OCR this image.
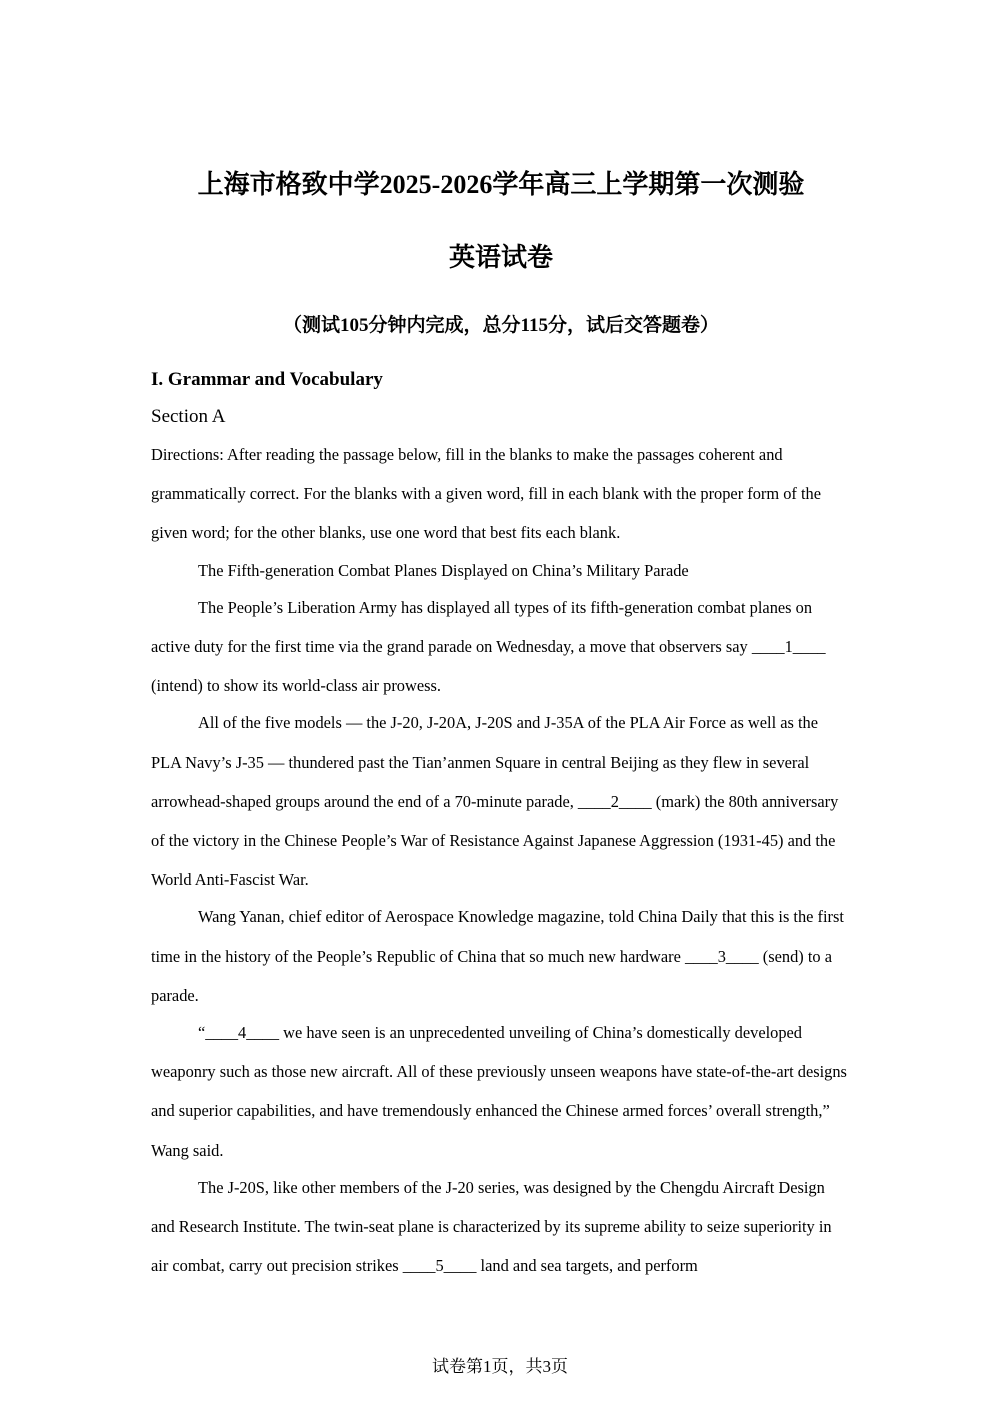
上海市格致中学2025-2026学年高三上学期第一次测验
英语试卷

（测试105分钟内完成，总分115分，试后交答题卷）

I. Grammar and Vocabulary

Section A

Directions: After reading the passage below, fill in the blanks to make the passages coherent and grammatically correct. For the blanks with a given word, fill in each blank with the proper form of the given word; for the other blanks, use one word that best fits each blank.

The Fifth-generation Combat Planes Displayed on China’s Military Parade

The People’s Liberation Army has displayed all types of its fifth-generation combat planes on active duty for the first time via the grand parade on Wednesday, a move that observers say ____1____ (intend) to show its world-class air prowess.

All of the five models — the J-20, J-20A, J-20S and J-35A of the PLA Air Force as well as the PLA Navy’s J-35 — thundered past the Tian’anmen Square in central Beijing as they flew in several arrowhead-shaped groups around the end of a 70-minute parade, ____2____ (mark) the 80th anniversary of the victory in the Chinese People’s War of Resistance Against Japanese Aggression (1931-45) and the World Anti-Fascist War.

Wang Yanan, chief editor of Aerospace Knowledge magazine, told China Daily that this is the first time in the history of the People’s Republic of China that so much new hardware ____3____ (send) to a parade.

“____4____ we have seen is an unprecedented unveiling of China’s domestically developed weaponry such as those new aircraft. All of these previously unseen weapons have state-of-the-art designs and superior capabilities, and have tremendously enhanced the Chinese armed forces’ overall strength,” Wang said.

The J-20S, like other members of the J-20 series, was designed by the Chengdu Aircraft Design and Research Institute. The twin-seat plane is characterized by its supreme ability to seize superiority in air combat, carry out precision strikes ____5____ land and sea targets, and perform

试卷第1页，共3页
